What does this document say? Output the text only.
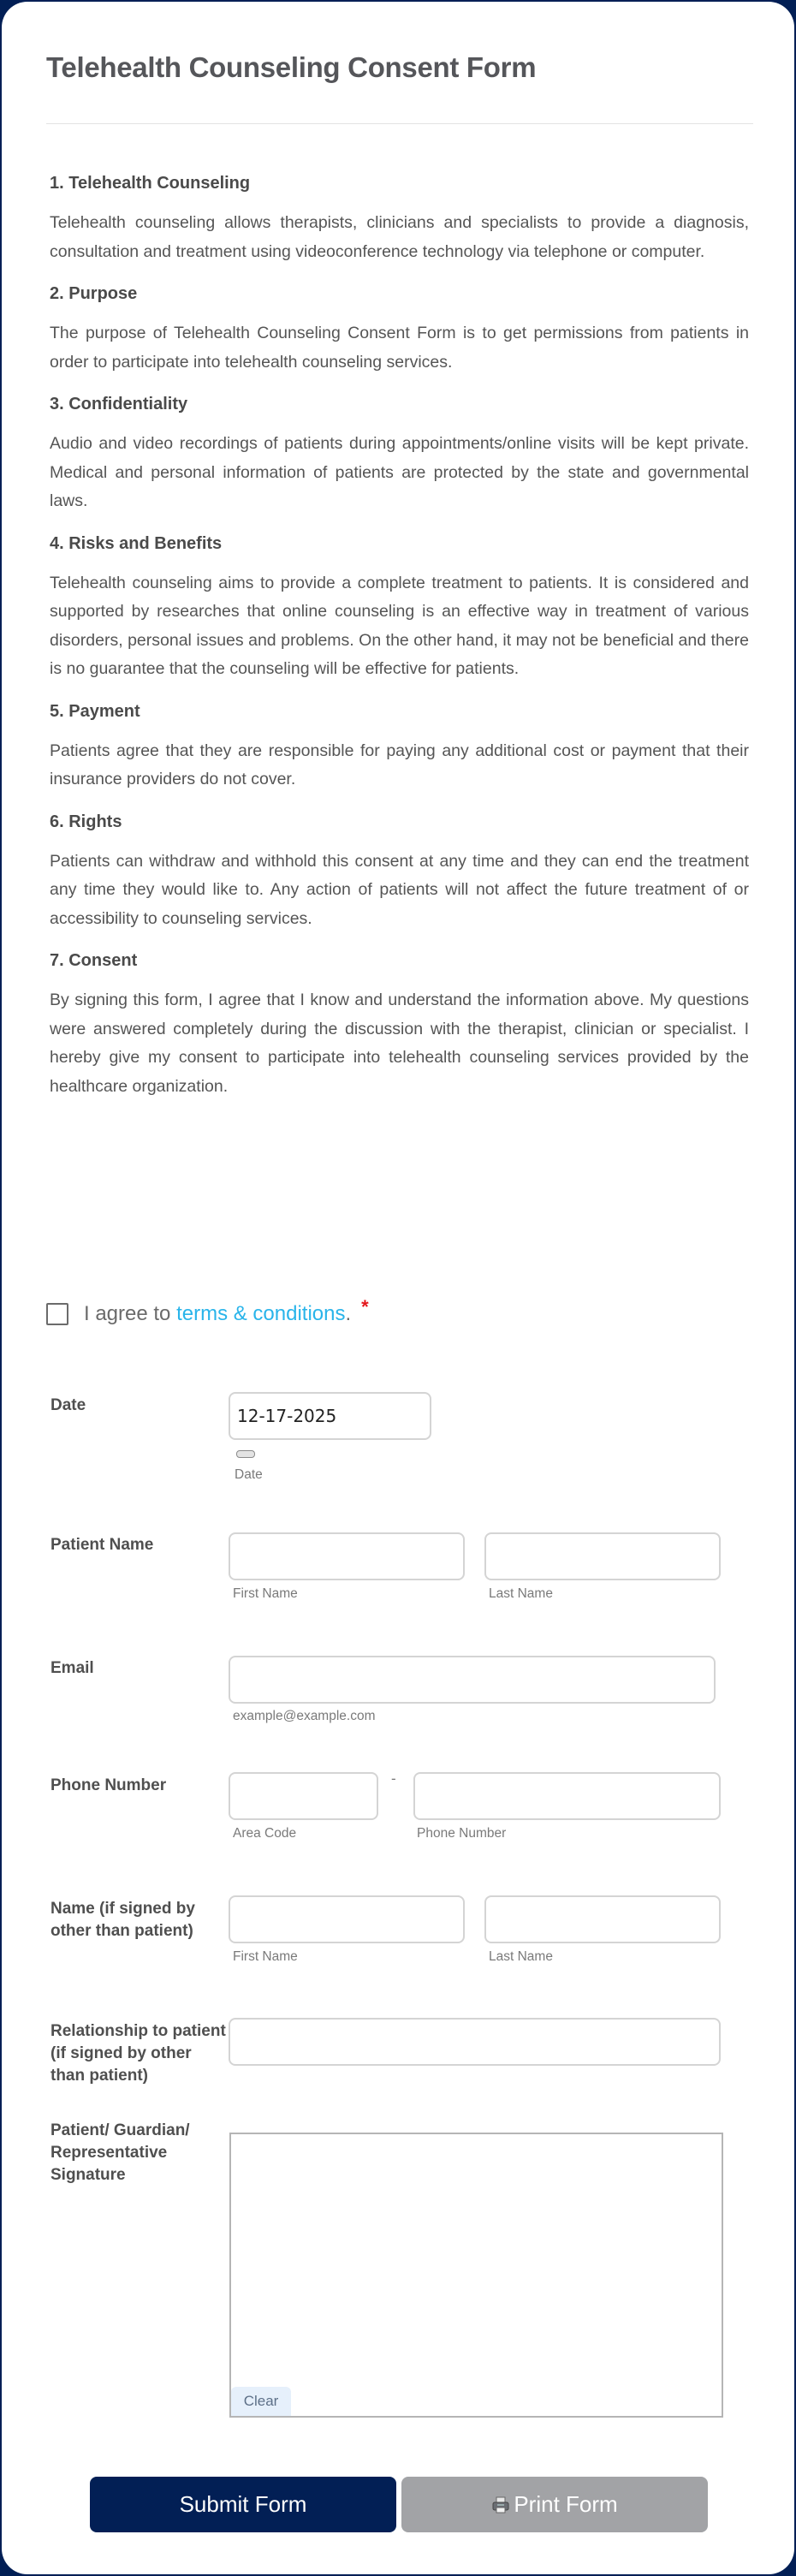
Telehealth Counseling Consent Form
1. Telehealth Counseling

Telehealth counseling allows therapists, clinicians and specialists to provide a diagnosis, consultation and treatment using videoconference technology via telephone or computer.

2. Purpose

The purpose of Telehealth Counseling Consent Form is to get permissions from patients in order to participate into telehealth counseling services.

3. Confidentiality

Audio and video recordings of patients during appointments/online visits will be kept private. Medical and personal information of patients are protected by the state and governmental laws.

4. Risks and Benefits

Telehealth counseling aims to provide a complete treatment to patients. It is considered and supported by researches that online counseling is an effective way in treatment of various disorders, personal issues and problems. On the other hand, it may not be beneficial and there is no guarantee that the counseling will be effective for patients.

5. Payment

Patients agree that they are responsible for paying any additional cost or payment that their insurance providers do not cover.

6. Rights

Patients can withdraw and withhold this consent at any time and they can end the treatment any time they would like to. Any action of patients will not affect the future treatment of or accessibility to counseling services.

7. Consent

By signing this form, I agree that I know and understand the information above. My questions were answered completely during the discussion with the therapist, clinician or specialist. I hereby give my consent to participate into telehealth counseling services provided by the healthcare organization.

I agree to terms & conditions . *
Date
12-17-2025
Date
Patient Name
First Name	Last Name
Email
example@example.com
Phone Number	-
Area Code	Phone Number
Name (if signed by other than patient)
First Name	Last Name
Relationship to patient (if signed by other than patient)
Patient/ Guardian/ Representative Signature
Clear
Submit Form	Print Form
